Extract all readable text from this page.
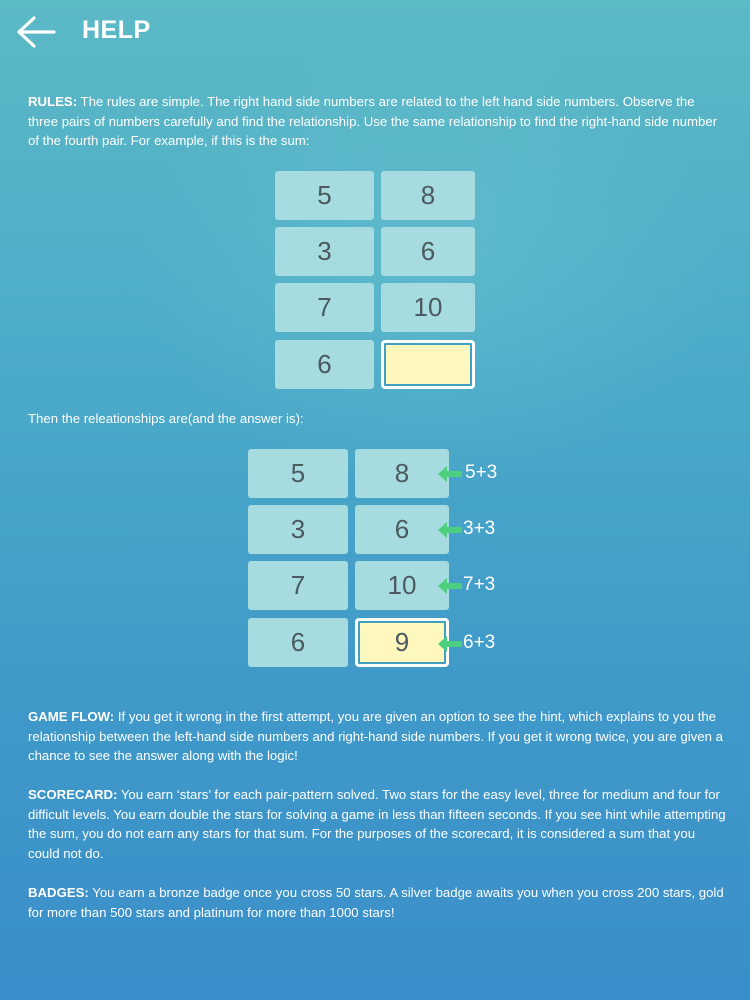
HELP
RULES: The rules are simple. The right hand side numbers are related to the left hand side numbers. Observe the three pairs of numbers carefully and find the relationship. Use the same relationship to find the right-hand side number of the fourth pair. For example, if this is the sum:
5	8
3	6
7	10
6
Then the releationships are(and the answer is):
5	8	5+3
3	6	3+3
7	10	7+3
6	9	6+3
GAME FLOW: If you get it wrong in the first attempt, you are given an option to see the hint, which explains to you the relationship between the left-hand side numbers and right-hand side numbers. If you get it wrong twice, you are given a chance to see the answer along with the logic!
SCORECARD: You earn ‘stars’ for each pair-pattern solved. Two stars for the easy level, three for medium and four for difficult levels. You earn double the stars for solving a game in less than fifteen seconds. If you see hint while attempting the sum, you do not earn any stars for that sum. For the purposes of the scorecard, it is considered a sum that you could not do.
BADGES: You earn a bronze badge once you cross 50 stars. A silver badge awaits you when you cross 200 stars, gold for more than 500 stars and platinum for more than 1000 stars!
